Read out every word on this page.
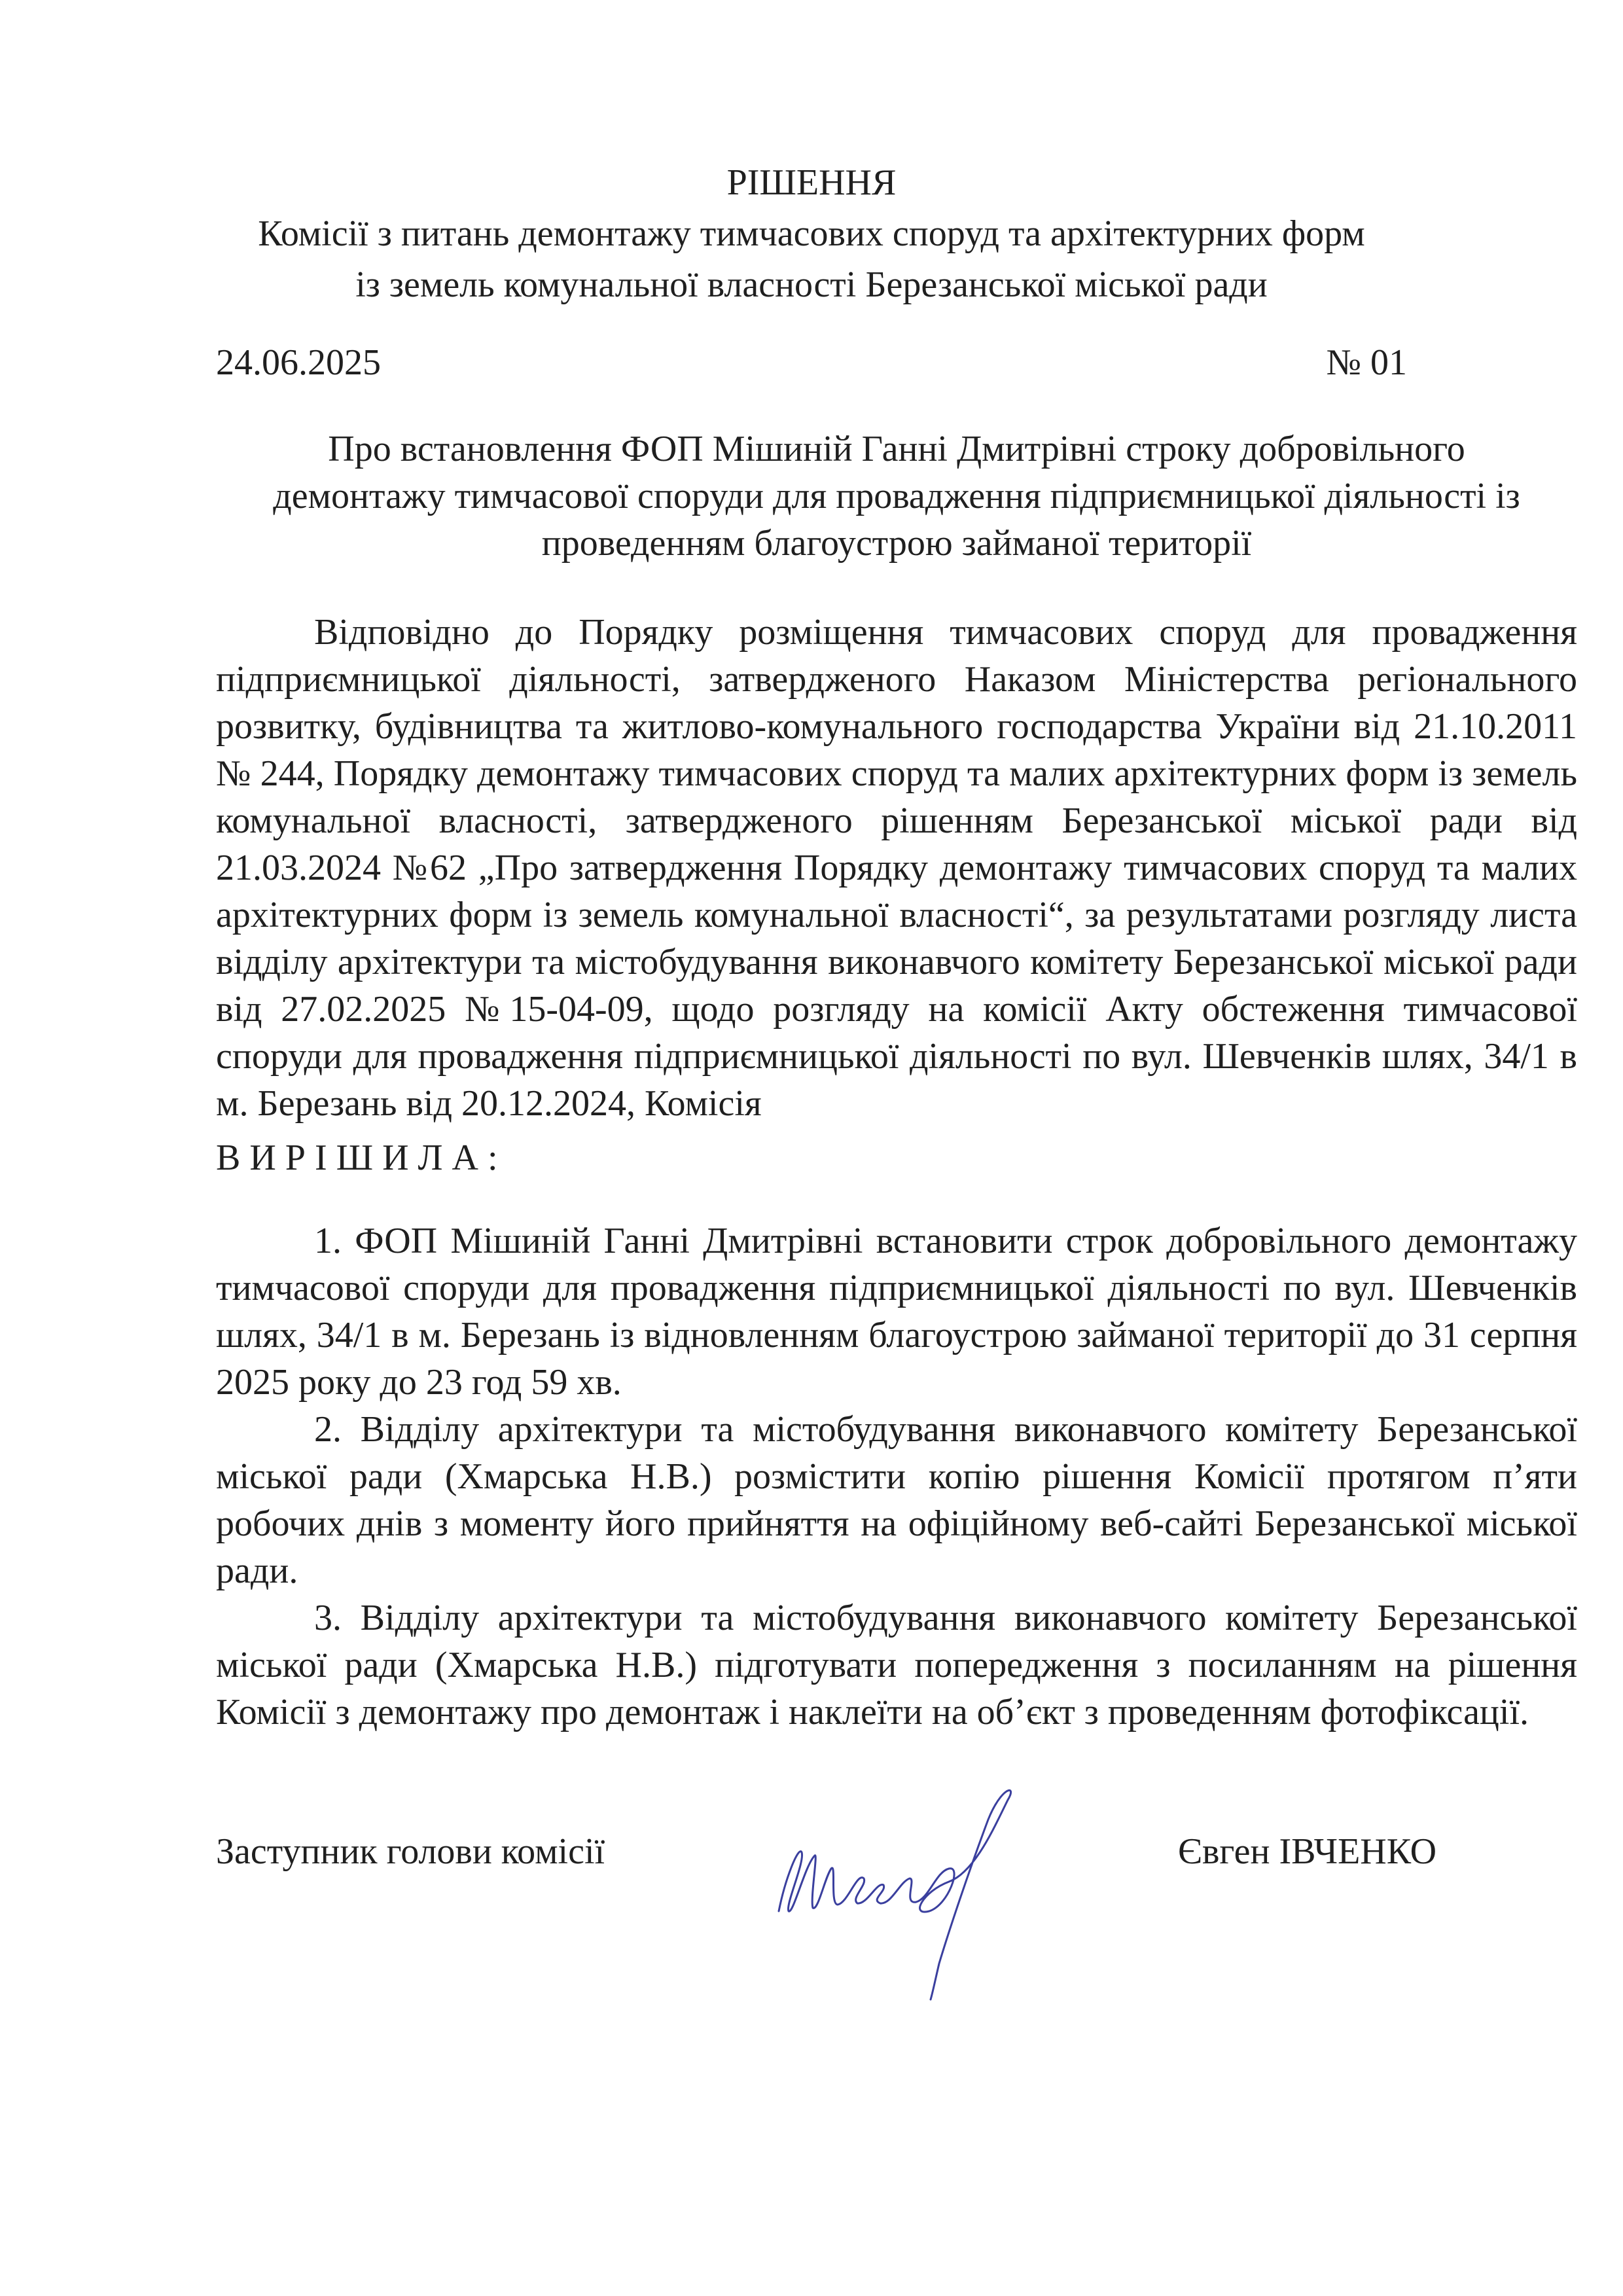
РІШЕННЯ
Комісії з питань демонтажу тимчасових споруд та архітектурних форм
із земель комунальної власності Березанської міської ради
24.06.2025	№ 01
Про встановлення ФОП Мішиній Ганні Дмитрівні строку добровільного
демонтажу тимчасової споруди для провадження підприємницької діяльності із
проведенням благоустрою займаної території
Відповідно до Порядку розміщення тимчасових споруд для провадження підприємницької діяльності, затвердженого Наказом Міністерства регіонального розвитку, будівництва та житлово-комунального господарства України від 21.10.2011 № 244, Порядку демонтажу тимчасових споруд та малих архітектурних форм із земель комунальної власності, затвердженого рішенням Березанської міської ради від 21.03.2024 №62 „Про затвердження Порядку демонтажу тимчасових споруд та малих архітектурних форм із земель комунальної власності“, за результатами розгляду листа відділу архітектури та містобудування виконавчого комітету Березанської міської ради від 27.02.2025 №15-04-09, щодо розгляду на комісії Акту обстеження тимчасової споруди для провадження підприємницької діяльності по вул. Шевченків шлях, 34/1 в м. Березань від 20.12.2024, Комісія
ВИРІШИЛА:

1. ФОП Мішиній Ганні Дмитрівні встановити строк добровільного демонтажу тимчасової споруди для провадження підприємницької діяльності по вул. Шевченків шлях, 34/1 в м. Березань із відновленням благоустрою займаної території до 31 серпня 2025 року до 23 год 59 хв.

2. Відділу архітектури та містобудування виконавчого комітету Березанської міської ради (Хмарська Н.В.) розмістити копію рішення Комісії протягом п’яти робочих днів з моменту його прийняття на офіційному веб-сайті Березанської міської ради.

3. Відділу архітектури та містобудування виконавчого комітету Березанської міської ради (Хмарська Н.В.) підготувати попередження з посиланням на рішення Комісії з демонтажу про демонтаж і наклеїти на об’єкт з проведенням фотофіксації.

Заступник голови комісії	Євген ІВЧЕНКО
